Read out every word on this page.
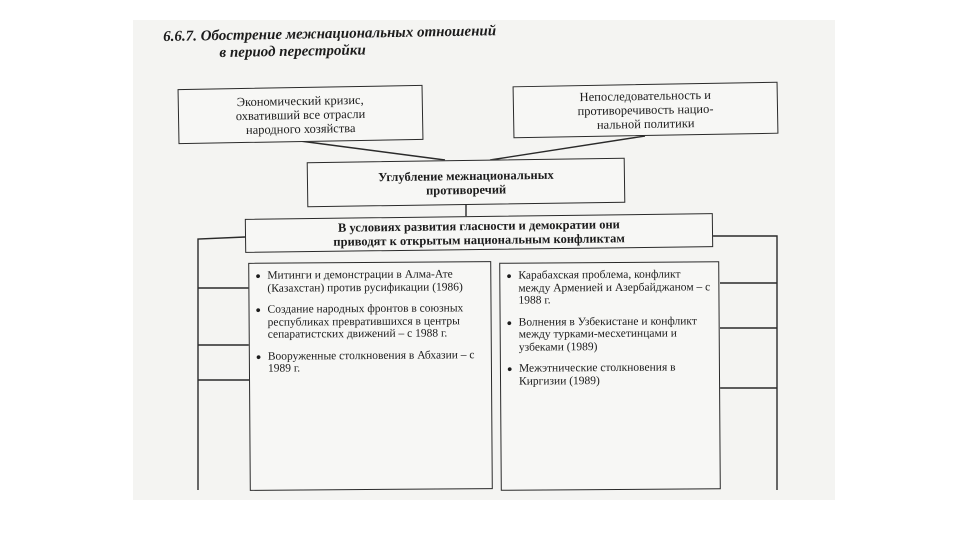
6.6.7. Обострение межнациональных отношений
в период перестройки
Экономический кризис,
охвативший все отрасли
народного хозяйства
Непоследовательность и
противоречивость нацио-
нальной политики
Углубление межнациональных
противоречий
В условиях развития гласности и демократии они
приводят к открытым национальным конфликтам
● Митинги и демонстрации в Алма-Ате (Казахстан) против русификации (1986)
● Создание народных фронтов в союзных республиках превратившихся в центры сепаратистских движений – с 1988 г.
● Вооруженные столкновения в Абхазии – с 1989 г.
● Карабахская проблема, конфликт между Арменией и Азербайджаном – с 1988 г.
● Волнения в Узбекистане и конфликт между турками-месхетинцами и узбеками (1989)
● Межэтнические столкновения в Киргизии (1989)
